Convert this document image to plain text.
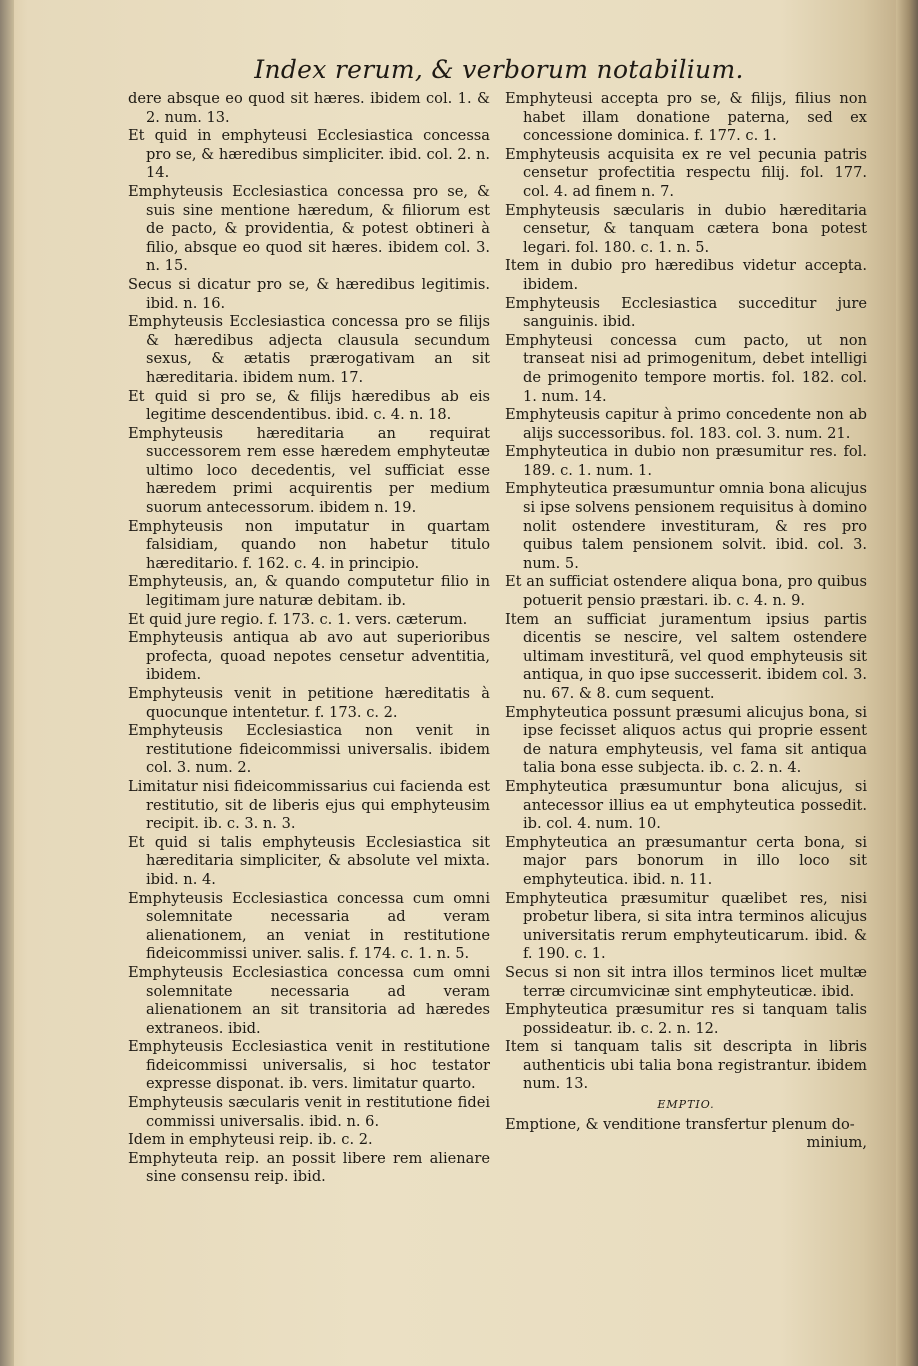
Index rerum, & verborum notabilium.
dere absque eo quod sit hæres. ibidem col. 1. & 2. num. 13.
Et quid in emphyteusi Ecclesiastica concessa pro se, & hæredibus simpliciter. ibid. col. 2. n. 14.
Emphyteusis Ecclesiastica concessa pro se, & suis sine mentione hæredum, & filiorum est de pacto, & providentia, & potest obtineri à filio, absque eo quod sit hæres. ibidem col. 3. n. 15.
Secus si dicatur pro se, & hæredibus legitimis. ibid. n. 16.
Emphyteusis Ecclesiastica concessa pro se filijs & hæredibus adjecta clausula secundum sexus, & ætatis prærogativam an sit hæreditaria. ibidem num. 17.
Et quid si pro se, & filijs hæredibus ab eis legitime descendentibus. ibid. c. 4. n. 18.
Emphyteusis hæreditaria an requirat successorem rem esse hæredem emphyteutæ ultimo loco decedentis, vel sufficiat esse hæredem primi acquirentis per medium suorum antecessorum. ibidem n. 19.
Emphyteusis non imputatur in quartam falsidiam, quando non habetur titulo hæreditario. f. 162. c. 4. in principio.
Emphyteusis, an, & quando computetur filio in legitimam jure naturæ debitam. ib.
Et quid jure regio. f. 173. c. 1. vers. cæterum.
Emphyteusis antiqua ab avo aut superioribus profecta, quoad nepotes censetur adventitia, ibidem.
Emphyteusis venit in petitione hæreditatis à quocunque intentetur. f. 173. c. 2.
Emphyteusis Ecclesiastica non venit in restitutione fideicommissi universalis. ibidem col. 3. num. 2.
Limitatur nisi fideicommissarius cui facienda est restitutio, sit de liberis ejus qui emphyteusim recipit. ib. c. 3. n. 3.
Et quid si talis emphyteusis Ecclesiastica sit hæreditaria simpliciter, & absolute vel mixta. ibid. n. 4.
Emphyteusis Ecclesiastica concessa cum omni solemnitate necessaria ad veram alienationem, an veniat in restitutione fideicommissi univer. salis. f. 174. c. 1. n. 5.
Emphyteusis Ecclesiastica concessa cum omni solemnitate necessaria ad veram alienationem an sit transitoria ad hæredes extraneos. ibid.
Emphyteusis Ecclesiastica venit in restitutione fideicommissi universalis, si hoc testator expresse disponat. ib. vers. limitatur quarto.
Emphyteusis sæcularis venit in restitutione fidei commissi universalis. ibid. n. 6.
Idem in emphyteusi reip. ib. c. 2.
Emphyteuta reip. an possit libere rem alienare sine consensu reip. ibid.
Emphyteusi accepta pro se, & filijs, filius non habet illam donatione paterna, sed ex concessione dominica. f. 177. c. 1.
Emphyteusis acquisita ex re vel pecunia patris censetur profectitia respectu filij. fol. 177. col. 4. ad finem n. 7.
Emphyteusis sæcularis in dubio hæreditaria censetur, & tanquam cætera bona potest legari. fol. 180. c. 1. n. 5.
Item in dubio pro hæredibus videtur accepta. ibidem.
Emphyteusis Ecclesiastica succeditur jure sanguinis. ibid.
Emphyteusi concessa cum pacto, ut non transeat nisi ad primogenitum, debet intelligi de primogenito tempore mortis. fol. 182. col. 1. num. 14.
Emphyteusis capitur à primo concedente non ab alijs successoribus. fol. 183. col. 3. num. 21.
Emphyteutica in dubio non præsumitur res. fol. 189. c. 1. num. 1.
Emphyteutica præsumuntur omnia bona alicujus si ipse solvens pensionem requisitus à domino nolit ostendere investituram, & res pro quibus talem pensionem solvit. ibid. col. 3. num. 5.
Et an sufficiat ostendere aliqua bona, pro quibus potuerit pensio præstari. ib. c. 4. n. 9.
Item an sufficiat juramentum ipsius partis dicentis se nescire, vel saltem ostendere ultimam investiturã, vel quod emphyteusis sit antiqua, in quo ipse successerit. ibidem col. 3. nu. 67. & 8. cum sequent.
Emphyteutica possunt præsumi alicujus bona, si ipse fecisset aliquos actus qui proprie essent de natura emphyteusis, vel fama sit antiqua talia bona esse subjecta. ib. c. 2. n. 4.
Emphyteutica præsumuntur bona alicujus, si antecessor illius ea ut emphyteutica possedit. ib. col. 4. num. 10.
Emphyteutica an præsumantur certa bona, si major pars bonorum in illo loco sit emphyteutica. ibid. n. 11.
Emphyteutica præsumitur quælibet res, nisi probetur libera, si sita intra terminos alicujus universitatis rerum emphyteuticarum. ibid. & f. 190. c. 1.
Secus si non sit intra illos terminos licet multæ terræ circumvicinæ sint emphyteuticæ. ibid.
Emphyteutica præsumitur res si tanquam talis possideatur. ib. c. 2. n. 12.
Item si tanquam talis sit descripta in libris authenticis ubi talia bona registrantur. ibidem num. 13.
EMPTIO.
Emptione, & venditione transfertur plenum do-
minium,
